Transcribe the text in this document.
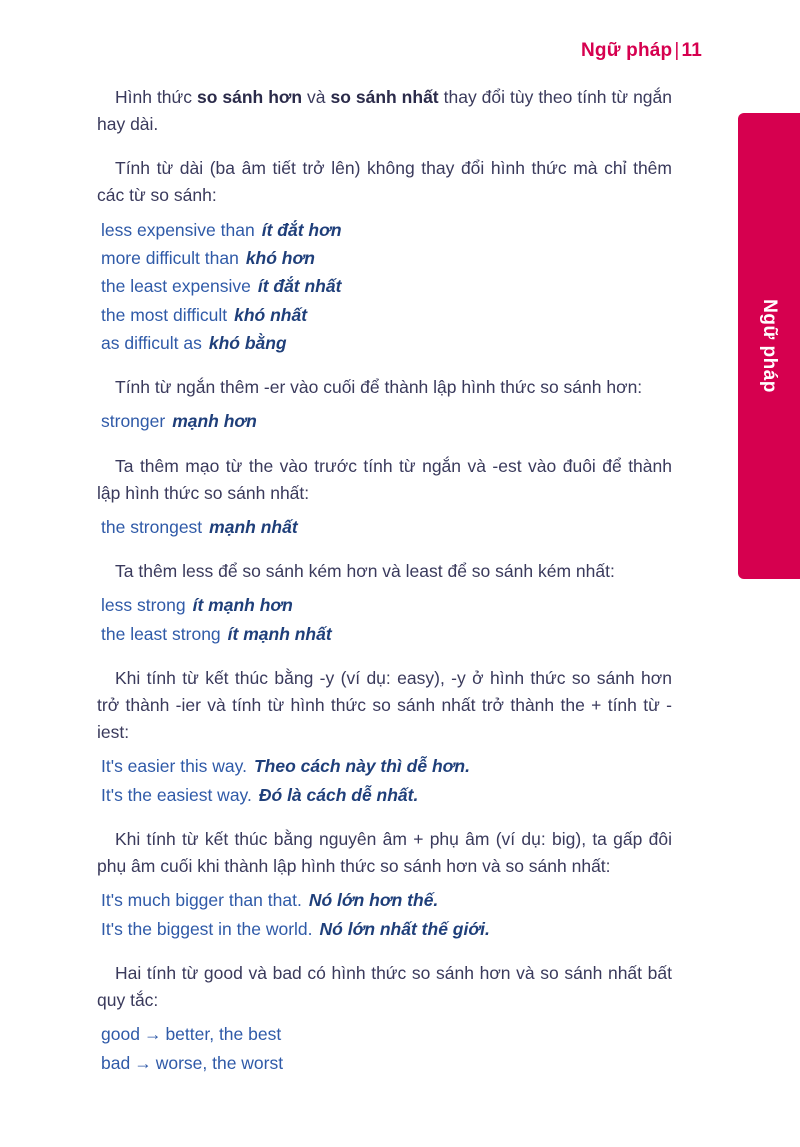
Ngữ pháp | 11
Ngữ pháp

Hình thức so sánh hơn và so sánh nhất thay đổi tùy theo tính từ ngắn hay dài.

Tính từ dài (ba âm tiết trở lên) không thay đổi hình thức mà chỉ thêm các từ so sánh:

less expensive than ít đắt hơn
more difficult than khó hơn
the least expensive ít đắt nhất
the most difficult khó nhất
as difficult as khó bằng

Tính từ ngắn thêm -er vào cuối để thành lập hình thức so sánh hơn:

stronger mạnh hơn

Ta thêm mạo từ the vào trước tính từ ngắn và -est vào đuôi để thành lập hình thức so sánh nhất:

the strongest mạnh nhất

Ta thêm less để so sánh kém hơn và least để so sánh kém nhất:

less strong ít mạnh hơn
the least strong ít mạnh nhất

Khi tính từ kết thúc bằng -y (ví dụ: easy), -y ở hình thức so sánh hơn trở thành -ier và tính từ hình thức so sánh nhất trở thành the + tính từ -iest:

It's easier this way. Theo cách này thì dễ hơn.
It's the easiest way. Đó là cách dễ nhất.

Khi tính từ kết thúc bằng nguyên âm + phụ âm (ví dụ: big), ta gấp đôi phụ âm cuối khi thành lập hình thức so sánh hơn và so sánh nhất:

It's much bigger than that. Nó lớn hơn thế.
It's the biggest in the world. Nó lớn nhất thế giới.

Hai tính từ good và bad có hình thức so sánh hơn và so sánh nhất bất quy tắc:

good → better, the best
bad → worse, the worst
